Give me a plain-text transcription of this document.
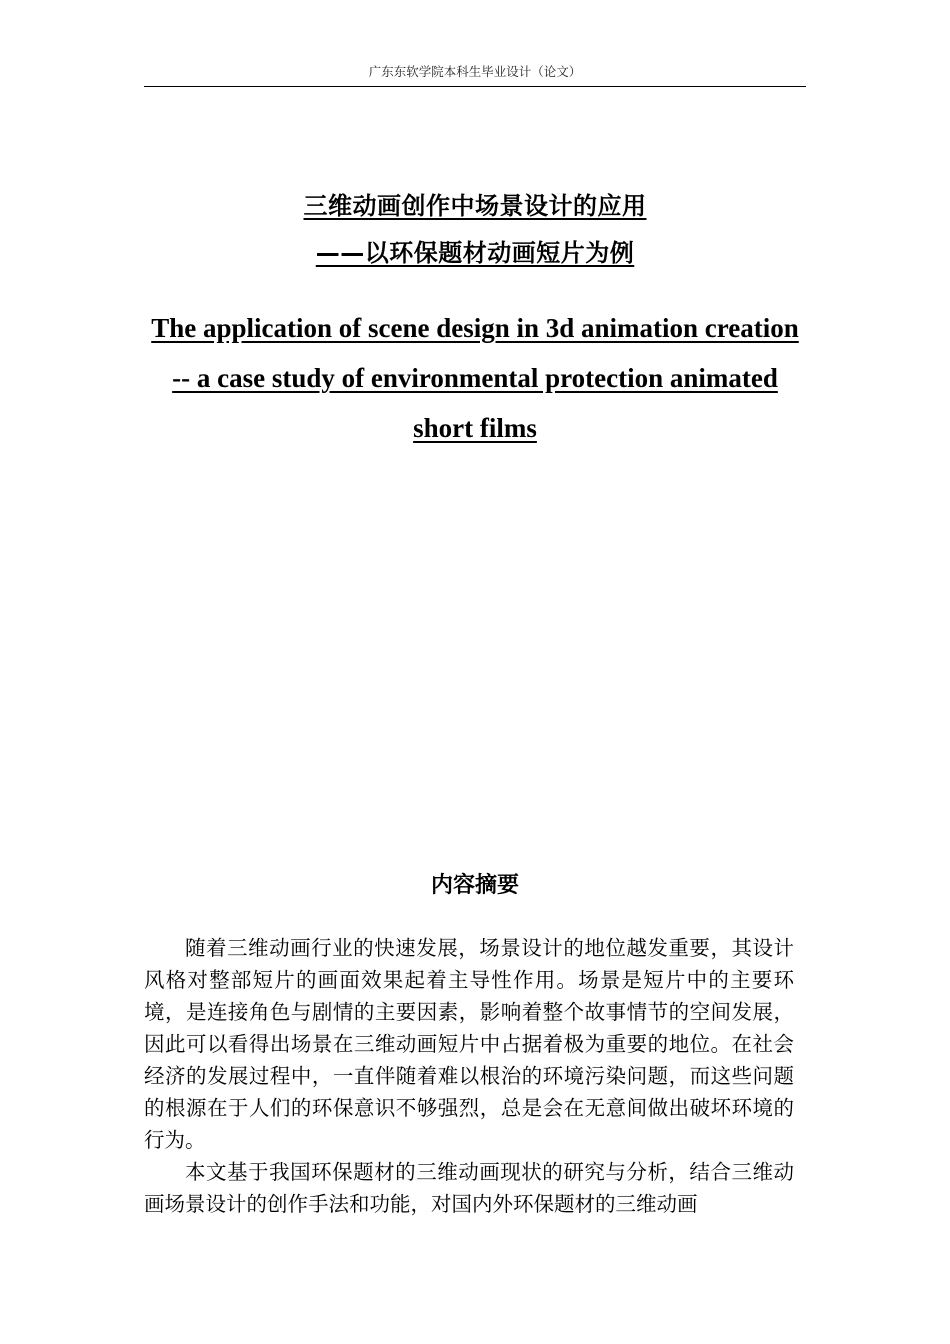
广东东软学院本科生毕业设计（论文）
三维动画创作中场景设计的应用
——以环保题材动画短片为例
The application of scene design in 3d animation creation -- a case study of environmental protection animated short films
内容摘要

随着三维动画行业的快速发展，场景设计的地位越发重要，其设计风格对整部短片的画面效果起着主导性作用。场景是短片中的主要环境，是连接角色与剧情的主要因素，影响着整个故事情节的空间发展，因此可以看得出场景在三维动画短片中占据着极为重要的地位。在社会经济的发展过程中，一直伴随着难以根治的环境污染问题，而这些问题的根源在于人们的环保意识不够强烈，总是会在无意间做出破坏环境的行为。

本文基于我国环保题材的三维动画现状的研究与分析，结合三维动画场景设计的创作手法和功能，对国内外环保题材的三维动画
